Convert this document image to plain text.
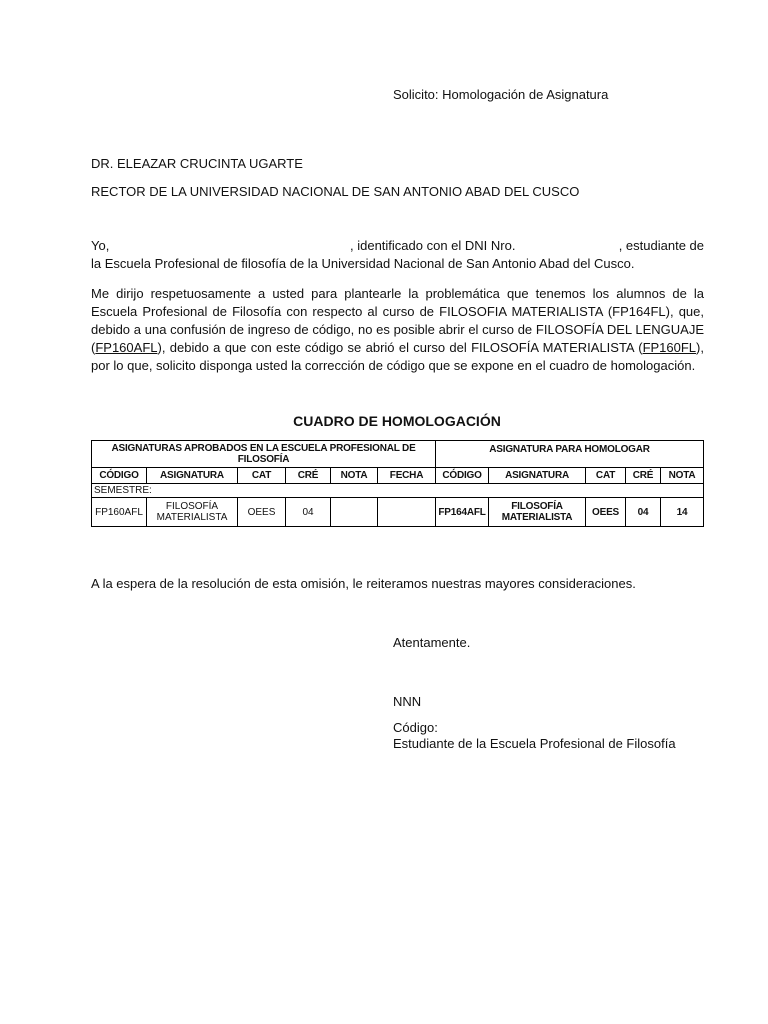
Solicito: Homologación de Asignatura
DR. ELEAZAR CRUCINTA UGARTE
RECTOR DE LA UNIVERSIDAD NACIONAL DE SAN ANTONIO ABAD DEL CUSCO
Yo,	, identificado con el DNI Nro.	, estudiante de
la Escuela Profesional de filosofía de la Universidad Nacional de San Antonio Abad del Cusco.
Me dirijo respetuosamente a usted para plantearle la problemática que tenemos los alumnos de la Escuela Profesional de Filosofía con respecto al curso de FILOSOFIA MATERIALISTA (FP164FL), que, debido a una confusión de ingreso de código, no es posible abrir el curso de FILOSOFÍA DEL LENGUAJE (FP160AFL), debido a que con este código se abrió el curso del FILOSOFÍA MATERIALISTA (FP160FL), por lo que, solicito disponga usted la corrección de código que se expone en el cuadro de homologación.
CUADRO DE HOMOLOGACIÓN
ASIGNATURAS APROBADOS EN LA ESCUELA PROFESIONAL DE FILOSOFÍA						ASIGNATURA PARA HOMOLOGAR				
CÓDIGO	ASIGNATURA	CAT	CRÉ	NOTA	FECHA	CÓDIGO	ASIGNATURA	CAT	CRÉ	NOTA
SEMESTRE:										
FP160AFL	FILOSOFÍA MATERIALISTA	OEES	04			FP164AFL	FILOSOFÍA MATERIALISTA	OEES	04	14
A la espera de la resolución de esta omisión, le reiteramos nuestras mayores consideraciones.
Atentamente.
NNN
Código:
Estudiante de la Escuela Profesional de Filosofía
